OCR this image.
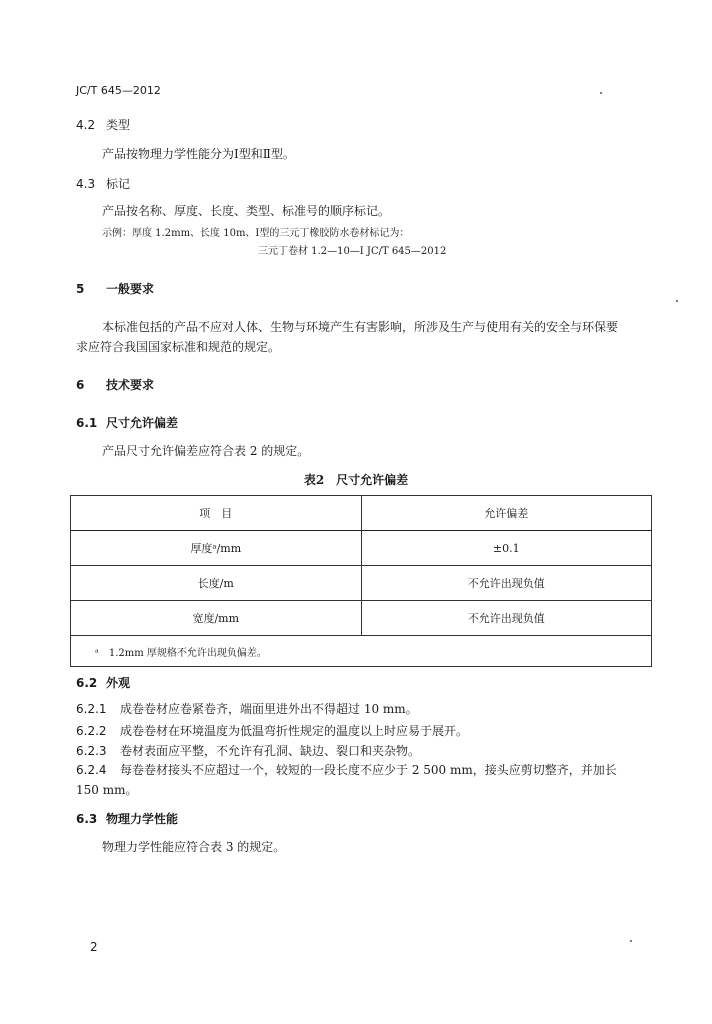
JC/T 645—2012
4.2 类型
产品按物理力学性能分为Ⅰ型和Ⅱ型。
4.3 标记
产品按名称、厚度、长度、类型、标准号的顺序标记。
示例：厚度 1.2mm、长度 10m、Ⅰ型的三元丁橡胶防水卷材标记为：
三元丁卷材 1.2—10—Ⅰ JC/T 645—2012
5 一般要求
本标准包括的产品不应对人体、生物与环境产生有害影响，所涉及生产与使用有关的安全与环保要
求应符合我国国家标准和规范的规定。
6 技术要求
6.1 尺寸允许偏差
产品尺寸允许偏差应符合表 2 的规定。
表2　尺寸允许偏差
项　目	允许偏差
厚度ᵃ/mm	±0.1
长度/m	不允许出现负值
宽度/mm	不允许出现负值
ᵃ　1.2mm 厚规格不允许出现负偏差。	
6.2 外观
6.2.1 成卷卷材应卷紧卷齐，端面里进外出不得超过 10 mm。
6.2.2 成卷卷材在环境温度为低温弯折性规定的温度以上时应易于展开。
6.2.3 卷材表面应平整，不允许有孔洞、缺边、裂口和夹杂物。
6.2.4 每卷卷材接头不应超过一个，较短的一段长度不应少于 2 500 mm，接头应剪切整齐，并加长
150 mm。
6.3 物理力学性能
物理力学性能应符合表 3 的规定。
2
